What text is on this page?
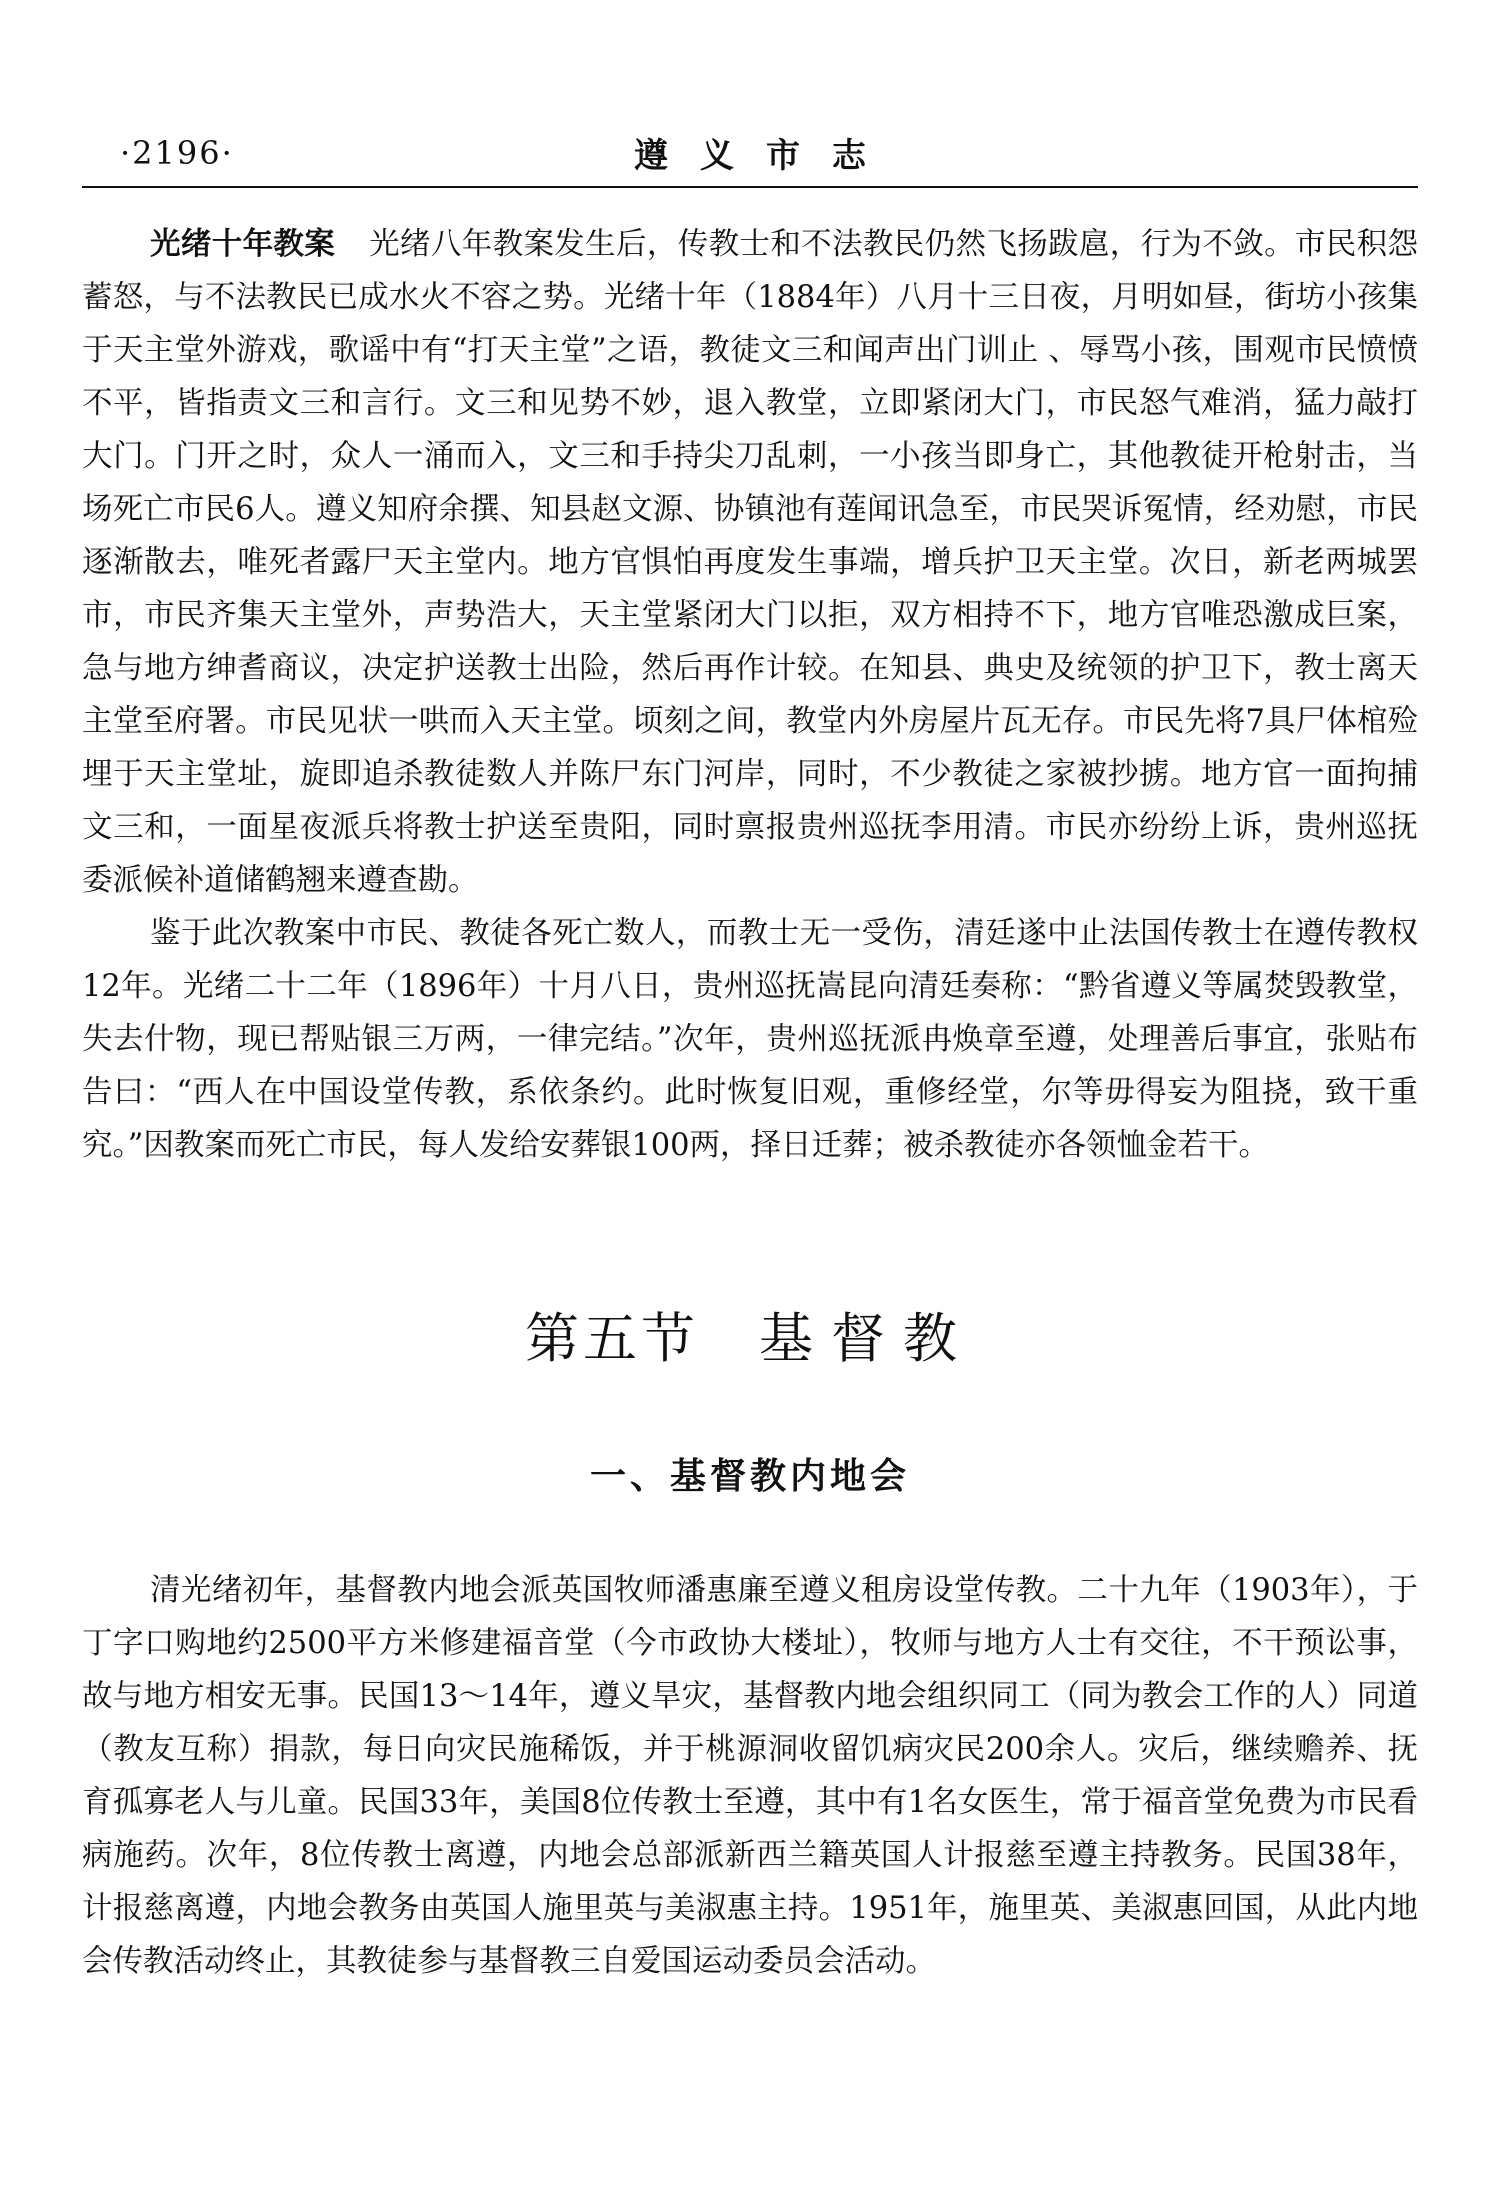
·2196·	遵义市志

光绪十年教案 光绪八年教案发生后，传教士和不法教民仍然飞扬跋扈，行为不敛。市民积怨蓄怒，与不法教民已成水火不容之势。光绪十年（1884年）八月十三日夜，月明如昼，街坊小孩集于天主堂外游戏，歌谣中有“打天主堂”之语，教徒文三和闻声出门训止 、辱骂小孩，围观市民愤愤不平，皆指责文三和言行。文三和见势不妙，退入教堂，立即紧闭大门，市民怒气难消，猛力敲打大门。门开之时，众人一涌而入，文三和手持尖刀乱刺，一小孩当即身亡，其他教徒开枪射击，当场死亡市民6人。遵义知府余撰、知县赵文源、协镇池有莲闻讯急至，市民哭诉冤情，经劝慰，市民逐渐散去，唯死者露尸天主堂内。地方官惧怕再度发生事端，增兵护卫天主堂。次日，新老两城罢市，市民齐集天主堂外，声势浩大，天主堂紧闭大门以拒，双方相持不下，地方官唯恐激成巨案，急与地方绅耆商议，决定护送教士出险，然后再作计较。在知县、典史及统领的护卫下，教士离天主堂至府署。市民见状一哄而入天主堂。顷刻之间，教堂内外房屋片瓦无存。市民先将7具尸体棺殓埋于天主堂址，旋即追杀教徒数人并陈尸东门河岸，同时，不少教徒之家被抄掳。地方官一面拘捕文三和，一面星夜派兵将教士护送至贵阳，同时禀报贵州巡抚李用清。市民亦纷纷上诉，贵州巡抚委派候补道储鹤翘来遵查勘。

鉴于此次教案中市民、教徒各死亡数人，而教士无一受伤，清廷遂中止法国传教士在遵传教权12年。光绪二十二年（1896年）十月八日，贵州巡抚嵩昆向清廷奏称：“黔省遵义等属焚毁教堂，失去什物，现已帮贴银三万两，一律完结。”次年，贵州巡抚派冉焕章至遵，处理善后事宜，张贴布告曰：“西人在中国设堂传教，系依条约。此时恢复旧观，重修经堂，尔等毋得妄为阻挠，致干重究。”因教案而死亡市民，每人发给安葬银100两，择日迁葬；被杀教徒亦各领恤金若干。

第五节 基督教
一、基督教内地会

清光绪初年，基督教内地会派英国牧师潘惠廉至遵义租房设堂传教。二十九年（1903年），于丁字口购地约2500平方米修建福音堂（今市政协大楼址），牧师与地方人士有交往，不干预讼事，故与地方相安无事。民国13～14年，遵义旱灾，基督教内地会组织同工（同为教会工作的人）同道（教友互称）捐款，每日向灾民施稀饭，并于桃源洞收留饥病灾民200余人。灾后，继续赡养、抚育孤寡老人与儿童。民国33年，美国8位传教士至遵，其中有1名女医生，常于福音堂免费为市民看病施药。次年，8位传教士离遵，内地会总部派新西兰籍英国人计报慈至遵主持教务。民国38年，计报慈离遵，内地会教务由英国人施里英与美淑惠主持。1951年，施里英、美淑惠回国，从此内地会传教活动终止，其教徒参与基督教三自爱国运动委员会活动。
